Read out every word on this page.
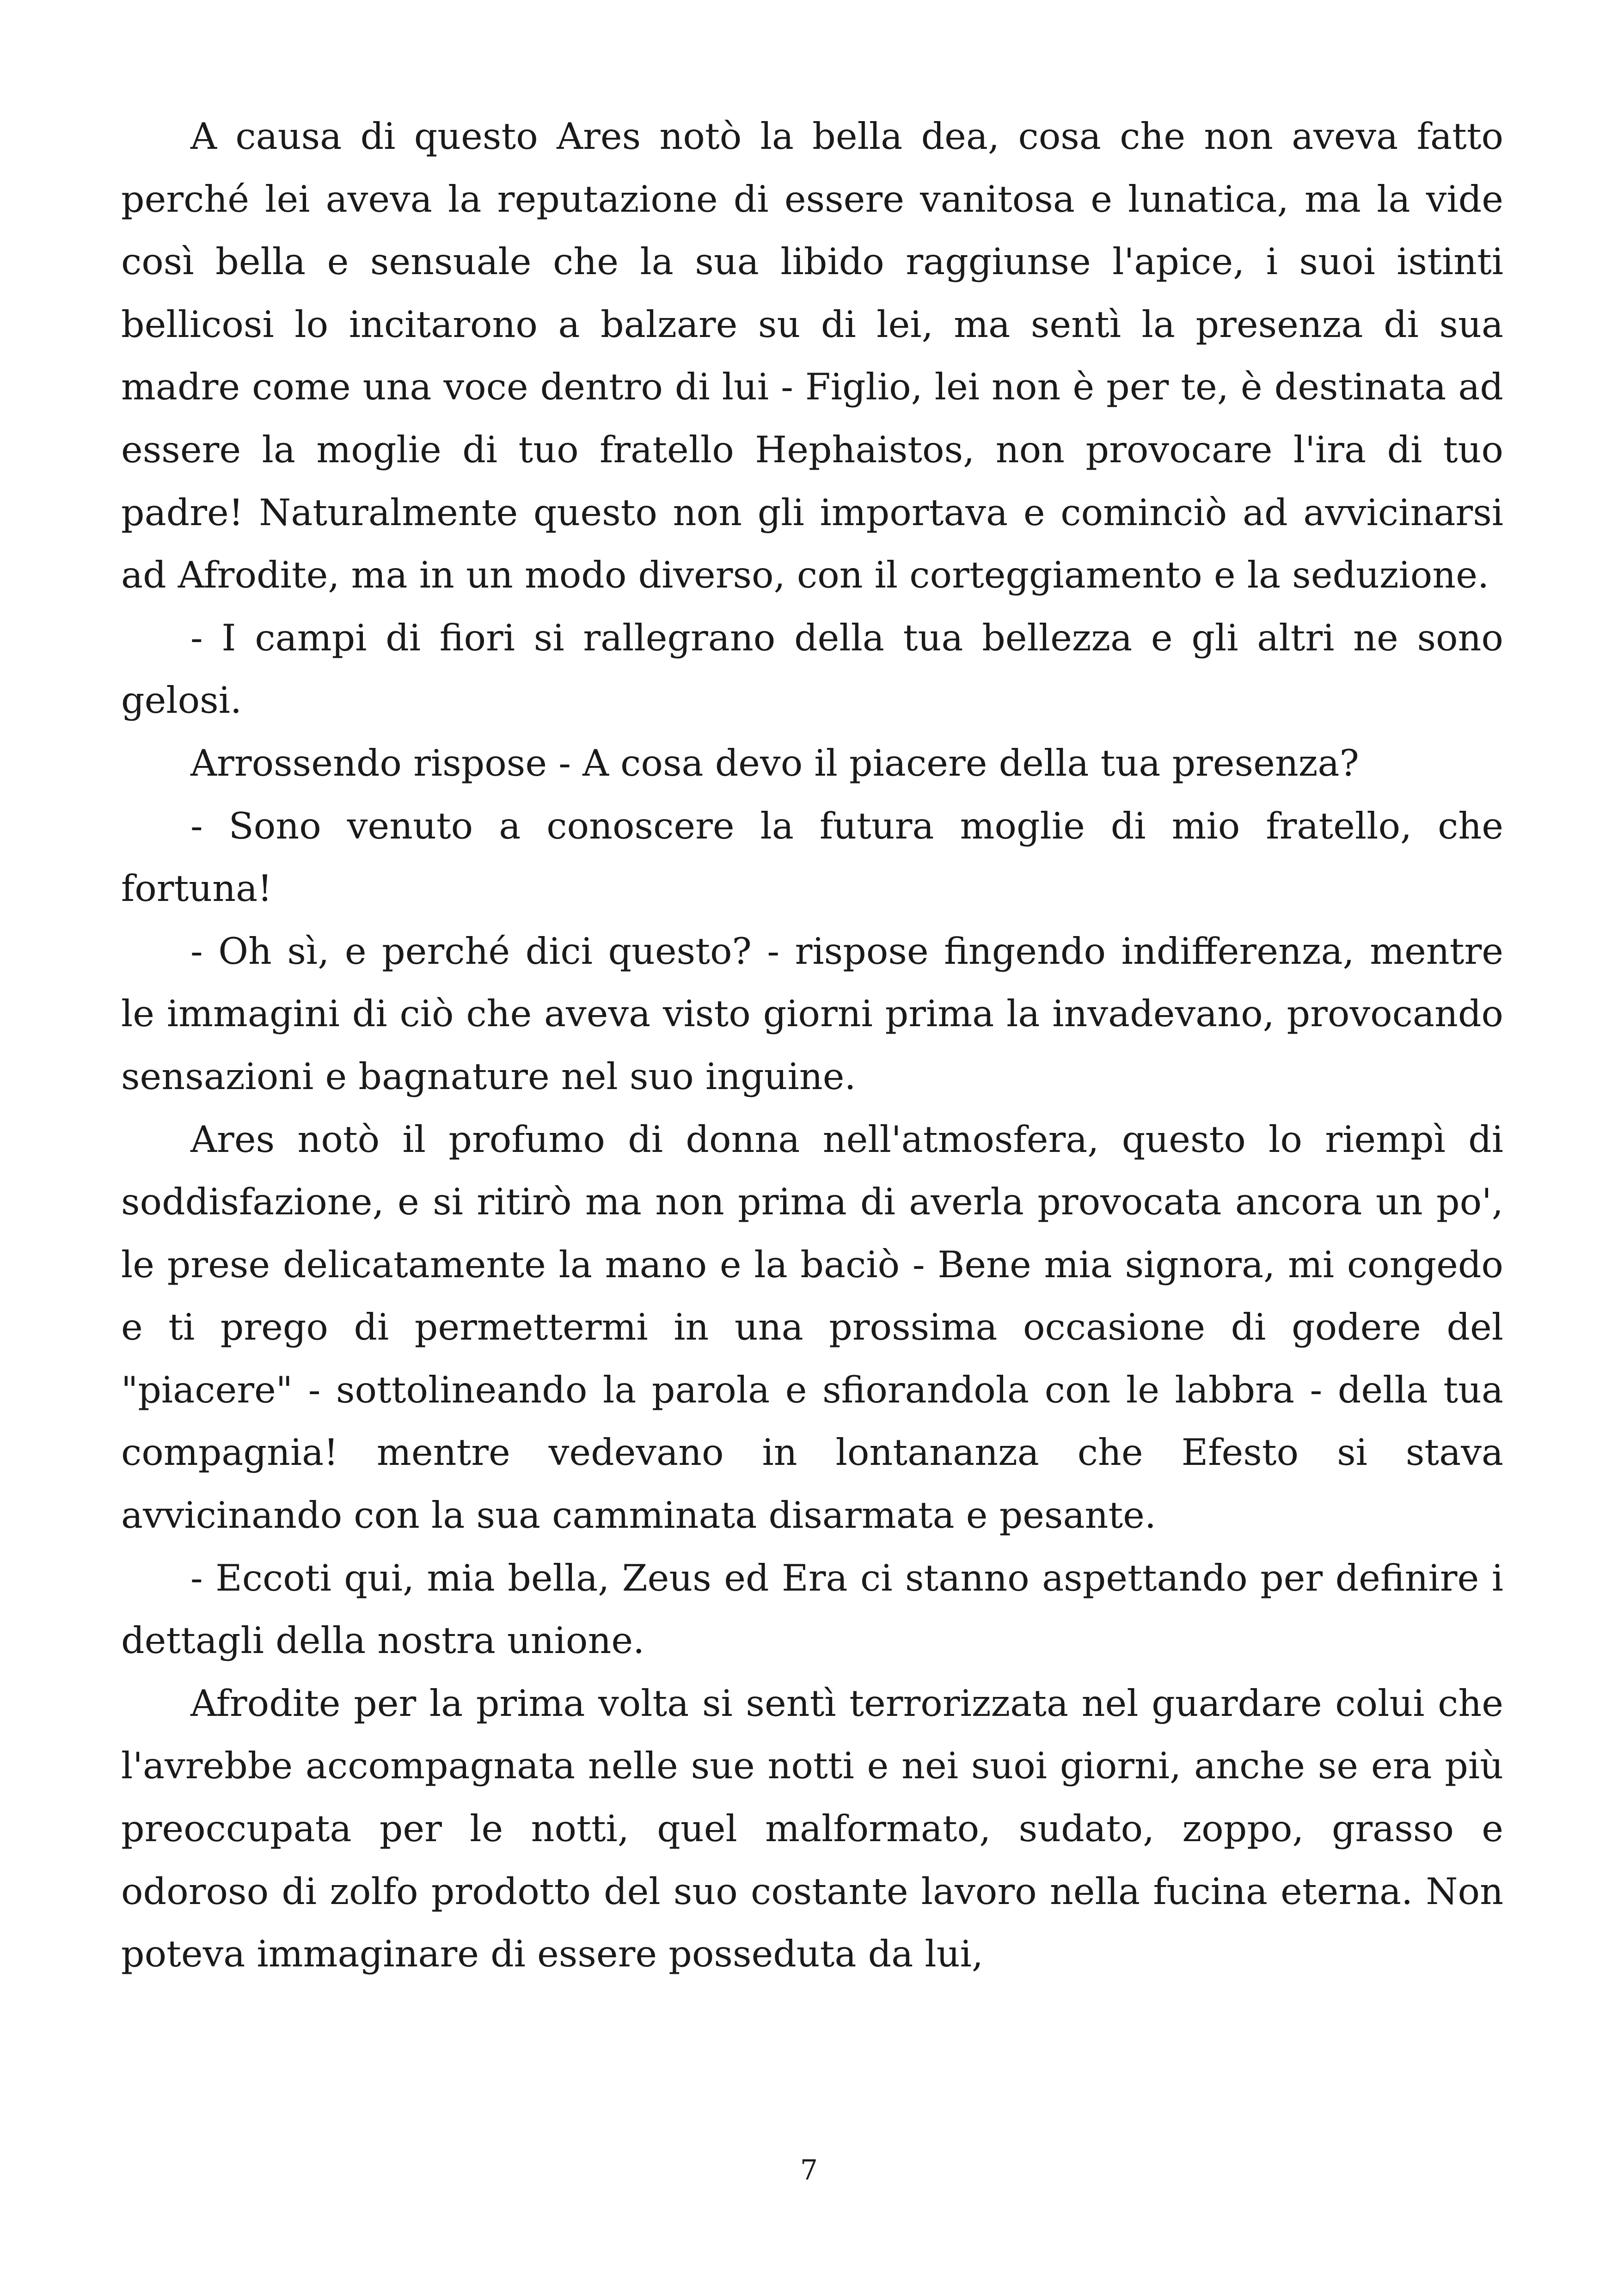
A causa di questo Ares notò la bella dea, cosa che non aveva fatto perché lei aveva la reputazione di essere vanitosa e lunatica, ma la vide così bella e sensuale che la sua libido raggiunse l'apice, i suoi istinti bellicosi lo incitarono a balzare su di lei, ma sentì la presenza di sua madre come una voce dentro di lui - Figlio, lei non è per te, è destinata ad essere la moglie di tuo fratello Hephaistos, non provocare l'ira di tuo padre! Naturalmente questo non gli importava e cominciò ad avvicinarsi ad Afrodite, ma in un modo diverso, con il corteggiamento e la seduzione.

- I campi di fiori si rallegrano della tua bellezza e gli altri ne sono gelosi.

Arrossendo rispose - A cosa devo il piacere della tua presenza?

- Sono venuto a conoscere la futura moglie di mio fratello, che fortuna!

- Oh sì, e perché dici questo? - rispose fingendo indifferenza, mentre le immagini di ciò che aveva visto giorni prima la invadevano, provocando sensazioni e bagnature nel suo inguine.

Ares notò il profumo di donna nell'atmosfera, questo lo riempì di soddisfazione, e si ritirò ma non prima di averla provocata ancora un po', le prese delicatamente la mano e la baciò - Bene mia signora, mi congedo e ti prego di permettermi in una prossima occasione di godere del "piacere" - sottolineando la parola e sfiorandola con le labbra - della tua compagnia! mentre vedevano in lontananza che Efesto si stava avvicinando con la sua camminata disarmata e pesante.

- Eccoti qui, mia bella, Zeus ed Era ci stanno aspettando per definire i dettagli della nostra unione.

Afrodite per la prima volta si sentì terrorizzata nel guardare colui che l'avrebbe accompagnata nelle sue notti e nei suoi giorni, anche se era più preoccupata per le notti, quel malformato, sudato, zoppo, grasso e odoroso di zolfo prodotto del suo costante lavoro nella fucina eterna. Non poteva immaginare di essere posseduta da lui,

7
